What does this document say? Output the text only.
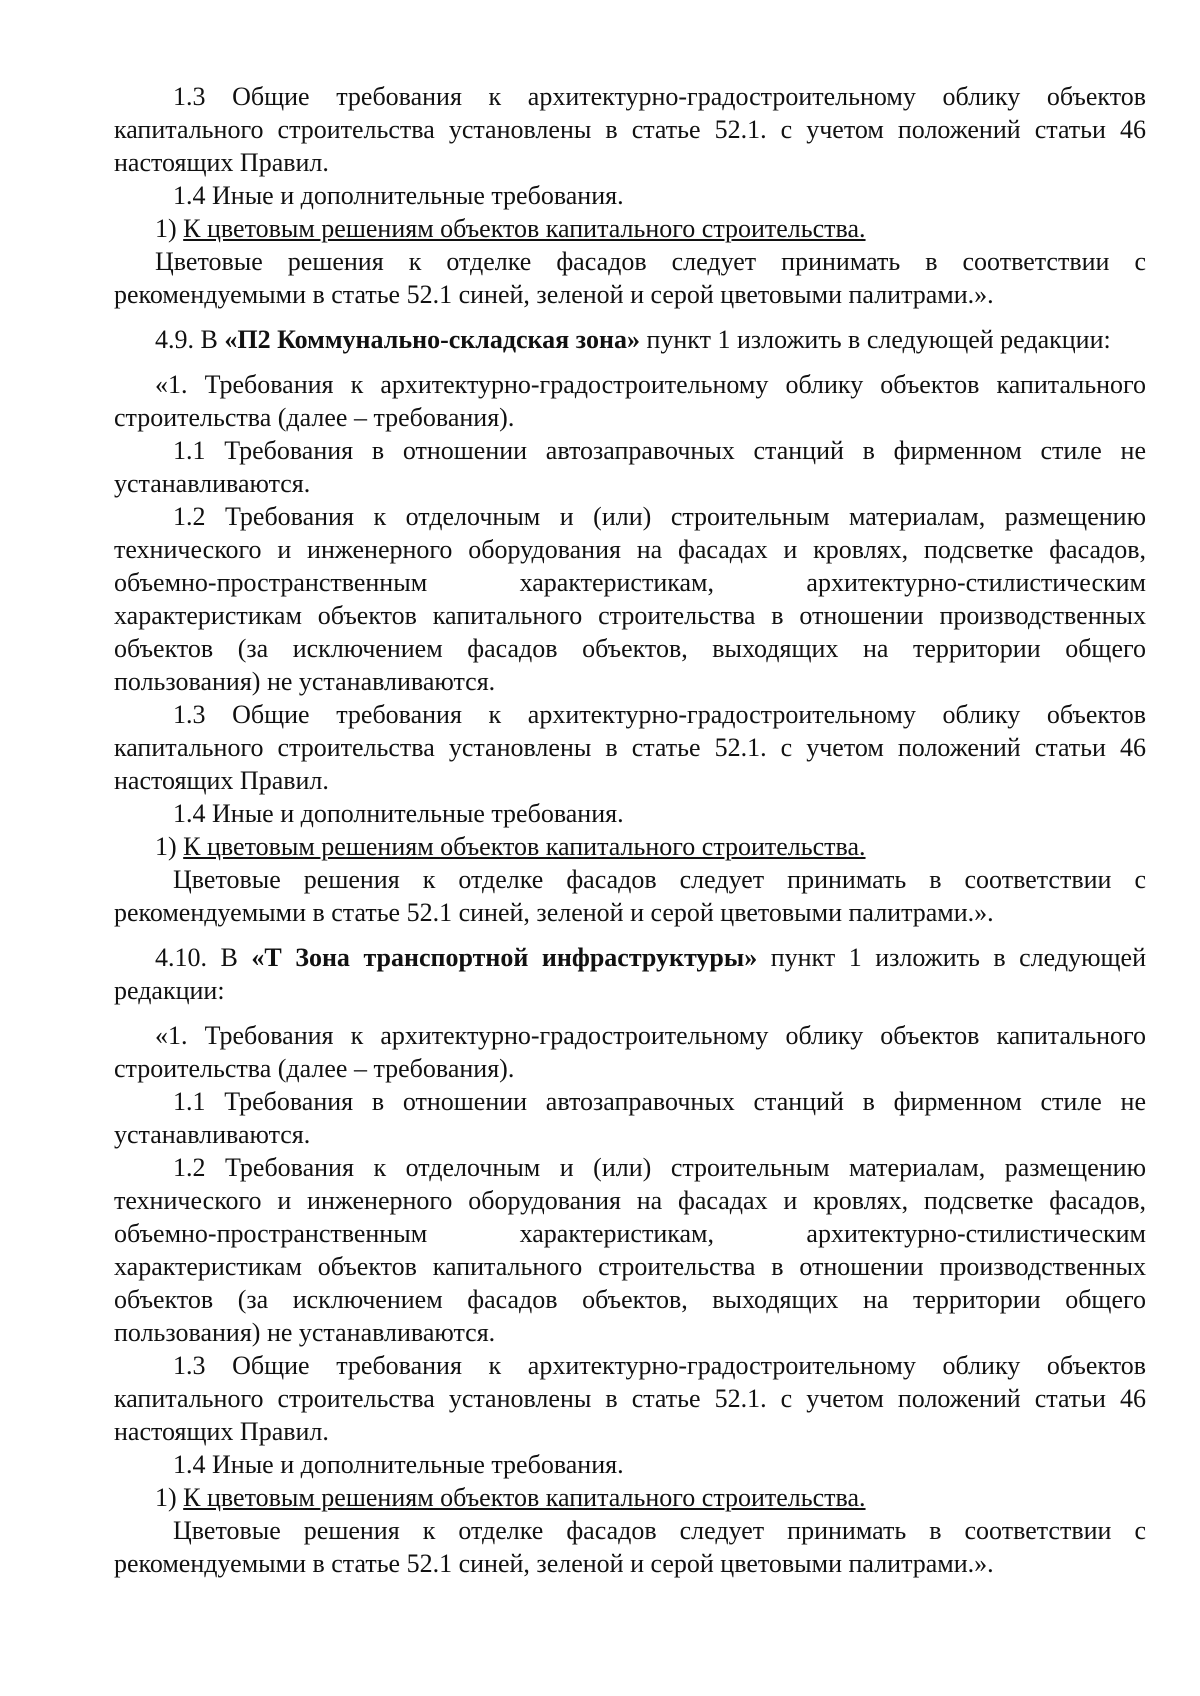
1.3 Общие требования к архитектурно-градостроительному облику объектов капитального строительства установлены в статье 52.1. с учетом положений статьи 46 настоящих Правил.

1.4 Иные и дополнительные требования.

1) К цветовым решениям объектов капитального строительства.

Цветовые решения к отделке фасадов следует принимать в соответствии с рекомендуемыми в статье 52.1 синей, зеленой и серой цветовыми палитрами.».

4.9. В «П2 Коммунально-складская зона» пункт 1 изложить в следующей редакции:

«1. Требования к архитектурно-градостроительному облику объектов капитального строительства (далее – требования).

1.1 Требования в отношении автозаправочных станций в фирменном стиле не устанавливаются.

1.2 Требования к отделочным и (или) строительным материалам, размещению технического и инженерного оборудования на фасадах и кровлях, подсветке фасадов, объемно-пространственным характеристикам, архитектурно-стилистическим характеристикам объектов капитального строительства в отношении производственных объектов (за исключением фасадов объектов, выходящих на территории общего пользования) не устанавливаются.

1.3 Общие требования к архитектурно-градостроительному облику объектов капитального строительства установлены в статье 52.1. с учетом положений статьи 46 настоящих Правил.

1.4 Иные и дополнительные требования.

1) К цветовым решениям объектов капитального строительства.

Цветовые решения к отделке фасадов следует принимать в соответствии с рекомендуемыми в статье 52.1 синей, зеленой и серой цветовыми палитрами.».

4.10. В «Т Зона транспортной инфраструктуры» пункт 1 изложить в следующей редакции:

«1. Требования к архитектурно-градостроительному облику объектов капитального строительства (далее – требования).

1.1 Требования в отношении автозаправочных станций в фирменном стиле не устанавливаются.

1.2 Требования к отделочным и (или) строительным материалам, размещению технического и инженерного оборудования на фасадах и кровлях, подсветке фасадов, объемно-пространственным характеристикам, архитектурно-стилистическим характеристикам объектов капитального строительства в отношении производственных объектов (за исключением фасадов объектов, выходящих на территории общего пользования) не устанавливаются.

1.3 Общие требования к архитектурно-градостроительному облику объектов капитального строительства установлены в статье 52.1. с учетом положений статьи 46 настоящих Правил.

1.4 Иные и дополнительные требования.

1) К цветовым решениям объектов капитального строительства.

Цветовые решения к отделке фасадов следует принимать в соответствии с рекомендуемыми в статье 52.1 синей, зеленой и серой цветовыми палитрами.».
